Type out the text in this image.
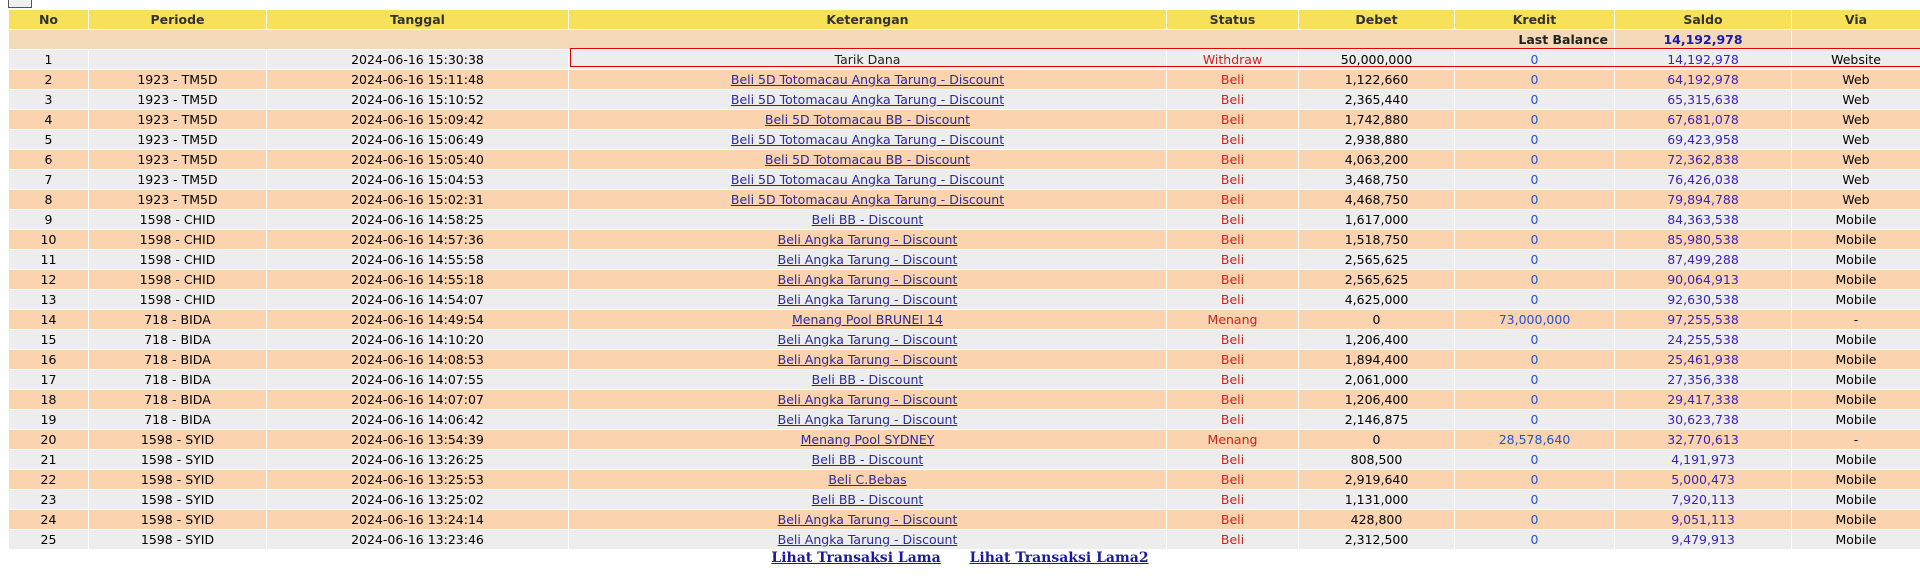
No	Periode	Tanggal	Keterangan	Status	Debet	Kredit	Saldo	Via
Last Balance							14,192,978	
1		2024-06-16 15:30:38	Tarik Dana	Withdraw	50,000,000	0	14,192,978	Website
2	1923 - TM5D	2024-06-16 15:11:48	Beli 5D Totomacau Angka Tarung - Discount	Beli	1,122,660	0	64,192,978	Web
3	1923 - TM5D	2024-06-16 15:10:52	Beli 5D Totomacau Angka Tarung - Discount	Beli	2,365,440	0	65,315,638	Web
4	1923 - TM5D	2024-06-16 15:09:42	Beli 5D Totomacau BB - Discount	Beli	1,742,880	0	67,681,078	Web
5	1923 - TM5D	2024-06-16 15:06:49	Beli 5D Totomacau Angka Tarung - Discount	Beli	2,938,880	0	69,423,958	Web
6	1923 - TM5D	2024-06-16 15:05:40	Beli 5D Totomacau BB - Discount	Beli	4,063,200	0	72,362,838	Web
7	1923 - TM5D	2024-06-16 15:04:53	Beli 5D Totomacau Angka Tarung - Discount	Beli	3,468,750	0	76,426,038	Web
8	1923 - TM5D	2024-06-16 15:02:31	Beli 5D Totomacau Angka Tarung - Discount	Beli	4,468,750	0	79,894,788	Web
9	1598 - CHID	2024-06-16 14:58:25	Beli BB - Discount	Beli	1,617,000	0	84,363,538	Mobile
10	1598 - CHID	2024-06-16 14:57:36	Beli Angka Tarung - Discount	Beli	1,518,750	0	85,980,538	Mobile
11	1598 - CHID	2024-06-16 14:55:58	Beli Angka Tarung - Discount	Beli	2,565,625	0	87,499,288	Mobile
12	1598 - CHID	2024-06-16 14:55:18	Beli Angka Tarung - Discount	Beli	2,565,625	0	90,064,913	Mobile
13	1598 - CHID	2024-06-16 14:54:07	Beli Angka Tarung - Discount	Beli	4,625,000	0	92,630,538	Mobile
14	718 - BIDA	2024-06-16 14:49:54	Menang Pool BRUNEI 14	Menang	0	73,000,000	97,255,538	-
15	718 - BIDA	2024-06-16 14:10:20	Beli Angka Tarung - Discount	Beli	1,206,400	0	24,255,538	Mobile
16	718 - BIDA	2024-06-16 14:08:53	Beli Angka Tarung - Discount	Beli	1,894,400	0	25,461,938	Mobile
17	718 - BIDA	2024-06-16 14:07:55	Beli BB - Discount	Beli	2,061,000	0	27,356,338	Mobile
18	718 - BIDA	2024-06-16 14:07:07	Beli Angka Tarung - Discount	Beli	1,206,400	0	29,417,338	Mobile
19	718 - BIDA	2024-06-16 14:06:42	Beli Angka Tarung - Discount	Beli	2,146,875	0	30,623,738	Mobile
20	1598 - SYID	2024-06-16 13:54:39	Menang Pool SYDNEY	Menang	0	28,578,640	32,770,613	-
21	1598 - SYID	2024-06-16 13:26:25	Beli BB - Discount	Beli	808,500	0	4,191,973	Mobile
22	1598 - SYID	2024-06-16 13:25:53	Beli C.Bebas	Beli	2,919,640	0	5,000,473	Mobile
23	1598 - SYID	2024-06-16 13:25:02	Beli BB - Discount	Beli	1,131,000	0	7,920,113	Mobile
24	1598 - SYID	2024-06-16 13:24:14	Beli Angka Tarung - Discount	Beli	428,800	0	9,051,113	Mobile
25	1598 - SYID	2024-06-16 13:23:46	Beli Angka Tarung - Discount	Beli	2,312,500	0	9,479,913	Mobile
Lihat Transaksi Lama Lihat Transaksi Lama2
